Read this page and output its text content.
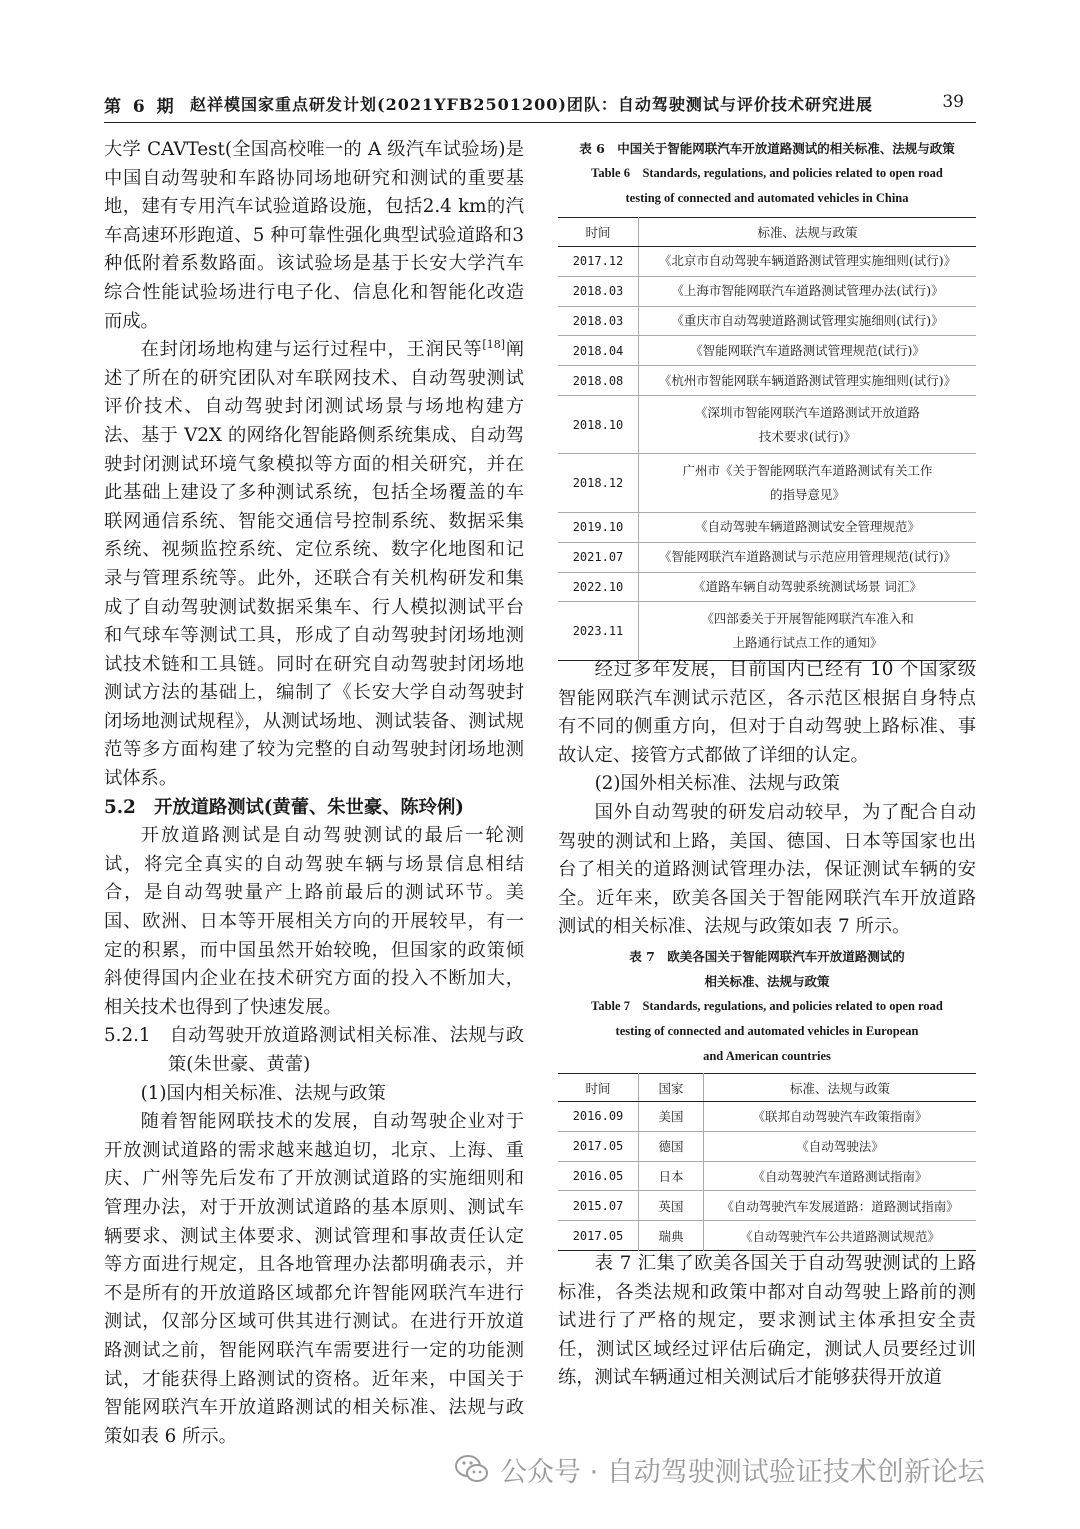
第 6 期 赵祥模国家重点研发计划(2021YFB2501200)团队：自动驾驶测试与评价技术研究进展	39

大学 CAVTest(全国高校唯一的 A 级汽车试验场)是中国自动驾驶和车路协同场地研究和测试的重要基地，建有专用汽车试验道路设施，包括2.4 km的汽车高速环形跑道、5 种可靠性强化典型试验道路和3 种低附着系数路面。该试验场是基于长安大学汽车综合性能试验场进行电子化、信息化和智能化改造而成。

在封闭场地构建与运行过程中，王润民等[18]阐述了所在的研究团队对车联网技术、自动驾驶测试评价技术、自动驾驶封闭测试场景与场地构建方法、基于 V2X 的网络化智能路侧系统集成、自动驾驶封闭测试环境气象模拟等方面的相关研究，并在此基础上建设了多种测试系统，包括全场覆盖的车联网通信系统、智能交通信号控制系统、数据采集系统、视频监控系统、定位系统、数字化地图和记录与管理系统等。此外，还联合有关机构研发和集成了自动驾驶测试数据采集车、行人模拟测试平台和气球车等测试工具，形成了自动驾驶封闭场地测试技术链和工具链。同时在研究自动驾驶封闭场地测试方法的基础上，编制了《长安大学自动驾驶封闭场地测试规程》，从测试场地、测试装备、测试规范等多方面构建了较为完整的自动驾驶封闭场地测试体系。

5.2　开放道路测试(黄蕾、朱世豪、陈玲俐)

开放道路测试是自动驾驶测试的最后一轮测试，将完全真实的自动驾驶车辆与场景信息相结合，是自动驾驶量产上路前最后的测试环节。美国、欧洲、日本等开展相关方向的开展较早，有一定的积累，而中国虽然开始较晚，但国家的政策倾斜使得国内企业在技术研究方面的投入不断加大，相关技术也得到了快速发展。

5.2.1　自动驾驶开放道路测试相关标准、法规与政策(朱世豪、黄蕾)

(1)国内相关标准、法规与政策

随着智能网联技术的发展，自动驾驶企业对于开放测试道路的需求越来越迫切，北京、上海、重庆、广州等先后发布了开放测试道路的实施细则和管理办法，对于开放测试道路的基本原则、测试车辆要求、测试主体要求、测试管理和事故责任认定等方面进行规定，且各地管理办法都明确表示，并不是所有的开放道路区域都允许智能网联汽车进行测试，仅部分区域可供其进行测试。在进行开放道路测试之前，智能网联汽车需要进行一定的功能测试，才能获得上路测试的资格。近年来，中国关于智能网联汽车开放道路测试的相关标准、法规与政策如表 6 所示。

表 6　中国关于智能网联汽车开放道路测试的相关标准、法规与政策
Table 6　Standards, regulations, and policies related to open road
testing of connected and automated vehicles in China
时间	标准、法规与政策
2017.12	《北京市自动驾驶车辆道路测试管理实施细则(试行)》

2018.03	《上海市智能网联汽车道路测试管理办法(试行)》

2018.03	《重庆市自动驾驶道路测试管理实施细则(试行)》

2018.04	《智能网联汽车道路测试管理规范(试行)》

2018.08	《杭州市智能网联车辆道路测试管理实施细则(试行)》

2018.10	《深圳市智能网联汽车道路测试开放道路
技术要求(试行)》

2018.12	广州市《关于智能网联汽车道路测试有关工作
的指导意见》

2019.10	《自动驾驶车辆道路测试安全管理规范》

2021.07	《智能网联汽车道路测试与示范应用管理规范(试行)》

2022.10	《道路车辆自动驾驶系统测试场景 词汇》

2023.11	《四部委关于开展智能网联汽车准入和
上路通行试点工作的通知》

经过多年发展，目前国内已经有 10 个国家级智能网联汽车测试示范区，各示范区根据自身特点有不同的侧重方向，但对于自动驾驶上路标准、事故认定、接管方式都做了详细的认定。

(2)国外相关标准、法规与政策

国外自动驾驶的研发启动较早，为了配合自动驾驶的测试和上路，美国、德国、日本等国家也出台了相关的道路测试管理办法，保证测试车辆的安全。近年来，欧美各国关于智能网联汽车开放道路测试的相关标准、法规与政策如表 7 所示。

表 7　欧美各国关于智能网联汽车开放道路测试的
相关标准、法规与政策
Table 7　Standards, regulations, and policies related to open road
testing of connected and automated vehicles in European
and American countries
时间	国家	标准、法规与政策
2016.09	美国	《联邦自动驾驶汽车政策指南》
2017.05	德国	《自动驾驶法》
2016.05	日本	《自动驾驶汽车道路测试指南》
2015.07	英国	《自动驾驶汽车发展道路：道路测试指南》
2017.05	瑞典	《自动驾驶汽车公共道路测试规范》

表 7 汇集了欧美各国关于自动驾驶测试的上路标准，各类法规和政策中都对自动驾驶上路前的测试进行了严格的规定，要求测试主体承担安全责任，测试区域经过评估后确定，测试人员要经过训练，测试车辆通过相关测试后才能够获得开放道

公众号 · 自动驾驶测试验证技术创新论坛
